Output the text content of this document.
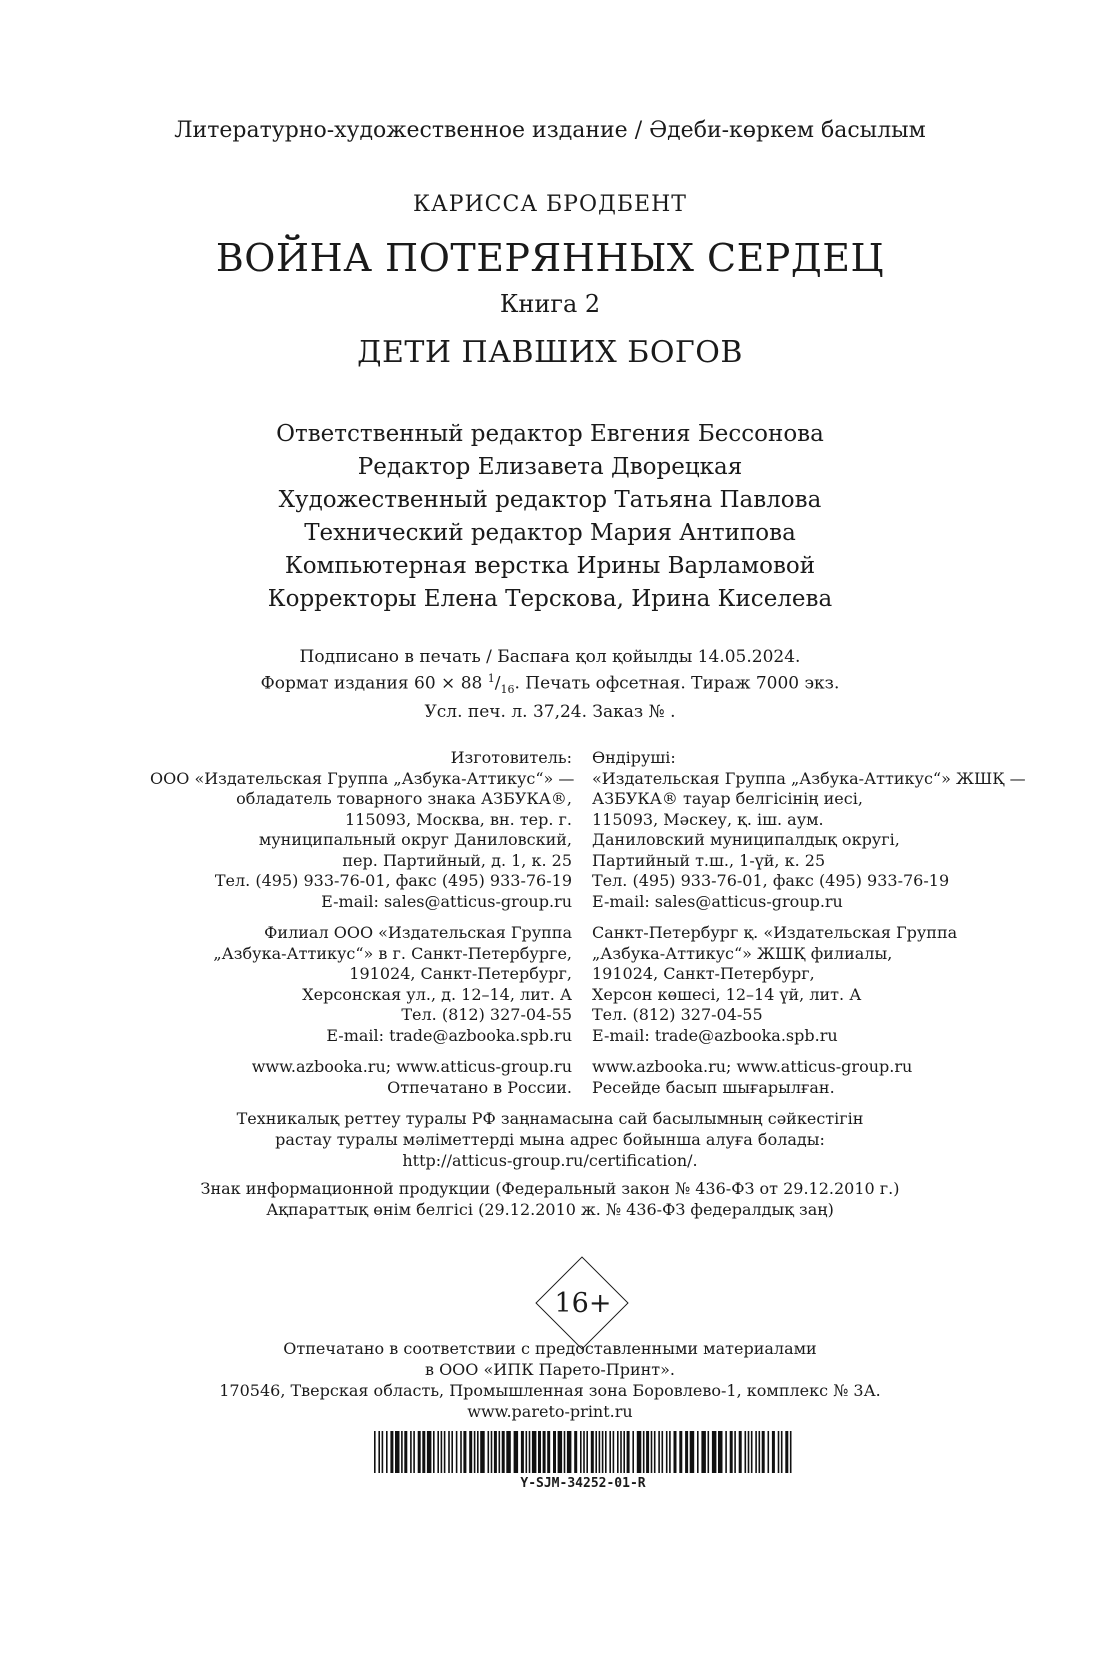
Литературно-художественное издание / Әдеби-көркем басылым
КАРИССА БРОДБЕНТ
ВОЙНА ПОТЕРЯННЫХ СЕРДЕЦ
Книга 2
ДЕТИ ПАВШИХ БОГОВ
Ответственный редактор Евгения Бессонова
Редактор Елизавета Дворецкая
Художественный редактор Татьяна Павлова
Технический редактор Мария Антипова
Компьютерная верстка Ирины Варламовой
Корректоры Елена Терскова, Ирина Киселева
Подписано в печать / Баспаға қол қойылды 14.05.2024.
Формат издания 60 × 88 $^1/_{16}$. Печать офсетная. Тираж 7000 экз.
Усл. печ. л. 37,24. Заказ № .
Изготовитель:
ООО «Издательская Группа „Азбука-Аттикус“» —
обладатель товарного знака АЗБУКА®,
115093, Москва, вн. тер. г.
муниципальный округ Даниловский,
пер. Партийный, д. 1, к. 25
Тел. (495) 933-76-01, факс (495) 933-76-19
E-mail: sales@atticus-group.ru
Филиал ООО «Издательская Группа
„Азбука-Аттикус“» в г. Санкт-Петербурге,
191024, Санкт-Петербург,
Херсонская ул., д. 12–14, лит. А
Тел. (812) 327-04-55
E-mail: trade@azbooka.spb.ru
www.azbooka.ru; www.atticus-group.ru
Отпечатано в России.
Өндіруші:
«Издательская Группа „Азбука-Аттикус“» ЖШҚ —
АЗБУКА® тауар белгісінің иесі,
115093, Мәскеу, қ. іш. аум.
Даниловский муниципалдық округі,
Партийный т.ш., 1-үй, к. 25
Тел. (495) 933-76-01, факс (495) 933-76-19
E-mail: sales@atticus-group.ru
Санкт-Петербург қ. «Издательская Группа
„Азбука-Аттикус“» ЖШҚ филиалы,
191024, Санкт-Петербург,
Херсон көшесі, 12–14 үй, лит. А
Тел. (812) 327-04-55
E-mail: trade@azbooka.spb.ru
www.azbooka.ru; www.atticus-group.ru
Ресейде басып шығарылған.
Техникалық реттеу туралы РФ заңнамасына сай басылымның сәйкестігін
растау туралы мәліметтерді мына адрес бойынша алуға болады:
http://atticus-group.ru/certification/.
Знак информационной продукции (Федеральный закон № 436-ФЗ от 29.12.2010 г.)
Ақпараттық өнім белгісі (29.12.2010 ж. № 436-ФЗ федералдық заң)
16+
Отпечатано в соответствии с предоставленными материалами
в ООО «ИПК Парето-Принт».
170546, Тверская область, Промышленная зона Боровлево-1, комплекс № 3А.
www.pareto-print.ru
Y-SJM-34252-01-R
